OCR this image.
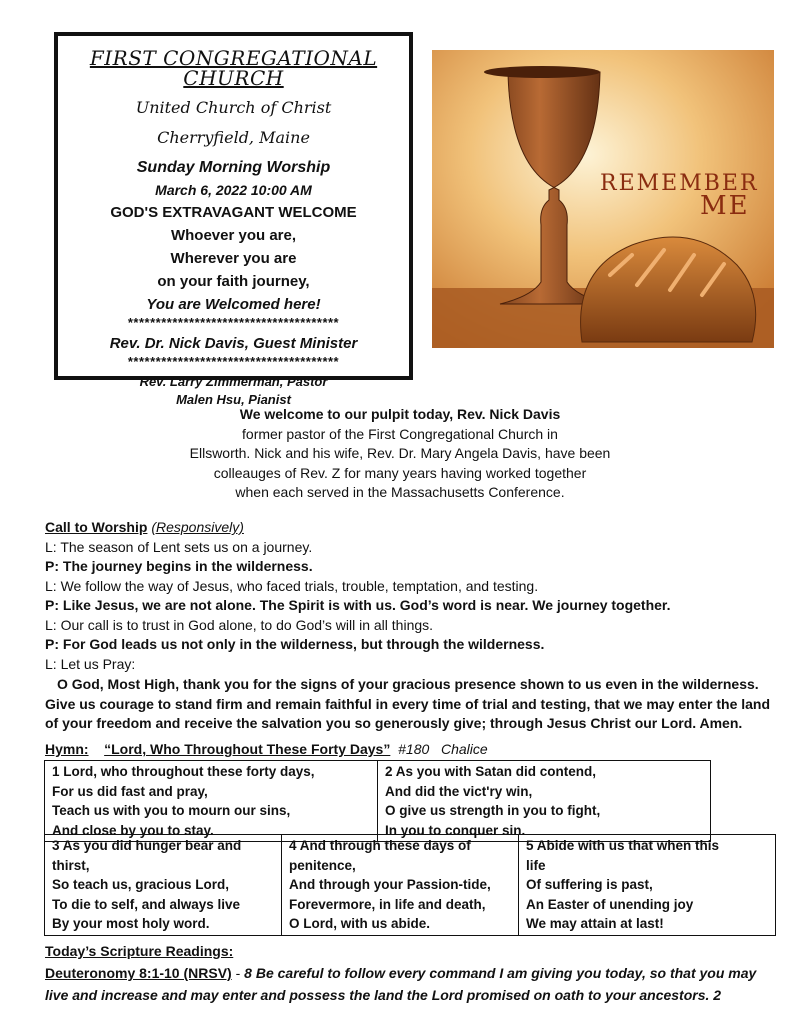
FIRST CONGREGATIONAL CHURCH
United Church of Christ
Cherryfield, Maine
Sunday Morning Worship
March 6, 2022 10:00 AM
GOD'S EXTRAVAGANT WELCOME
Whoever you are,
Wherever you are
on your faith journey,
You are Welcomed here!
**************************************
Rev. Dr. Nick Davis, Guest Minister
**************************************
Rev. Larry Zimmerman, Pastor
Malen Hsu, Pianist
REMEMBER
ME
We welcome to our pulpit today, Rev. Nick Davis
former pastor of the First Congregational Church in
Ellsworth. Nick and his wife, Rev. Dr. Mary Angela Davis, have been
colleauges of Rev. Z for many years having worked together
when each served in the Massachusetts Conference.
Call to Worship (Responsively)
L: The season of Lent sets us on a journey.
P: The journey begins in the wilderness.
L: We follow the way of Jesus, who faced trials, trouble, temptation, and testing.
P: Like Jesus, we are not alone. The Spirit is with us. God’s word is near. We journey together.
L: Our call is to trust in God alone, to do God’s will in all things.
P: For God leads us not only in the wilderness, but through the wilderness.
L: Let us Pray:
O God, Most High, thank you for the signs of your gracious presence shown to us even in the wilderness. Give us courage to stand firm and remain faithful in every time of trial and testing, that we may enter the land of your freedom and receive the salvation you so generously give; through Jesus Christ our Lord. Amen.
Hymn: “Lord, Who Throughout These Forty Days” #180 Chalice
1 Lord, who throughout these forty days,
For us did fast and pray,
Teach us with you to mourn our sins,
And close by you to stay.

2 As you with Satan did contend,
And did the vict'ry win,
O give us strength in you to fight,
In you to conquer sin.
3 As you did hunger bear and
thirst,
So teach us, gracious Lord,
To die to self, and always live
By your most holy word.

4 And through these days of
penitence,
And through your Passion-tide,
Forevermore, in life and death,
O Lord, with us abide.

5 Abide with us that when this
life
Of suffering is past,
An Easter of unending joy
We may attain at last!
Today’s Scripture Readings:
Deuteronomy 8:1-10 (NRSV) - 8 Be careful to follow every command I am giving you today, so that you may
live and increase and may enter and possess the land the Lord promised on oath to your ancestors. 2
